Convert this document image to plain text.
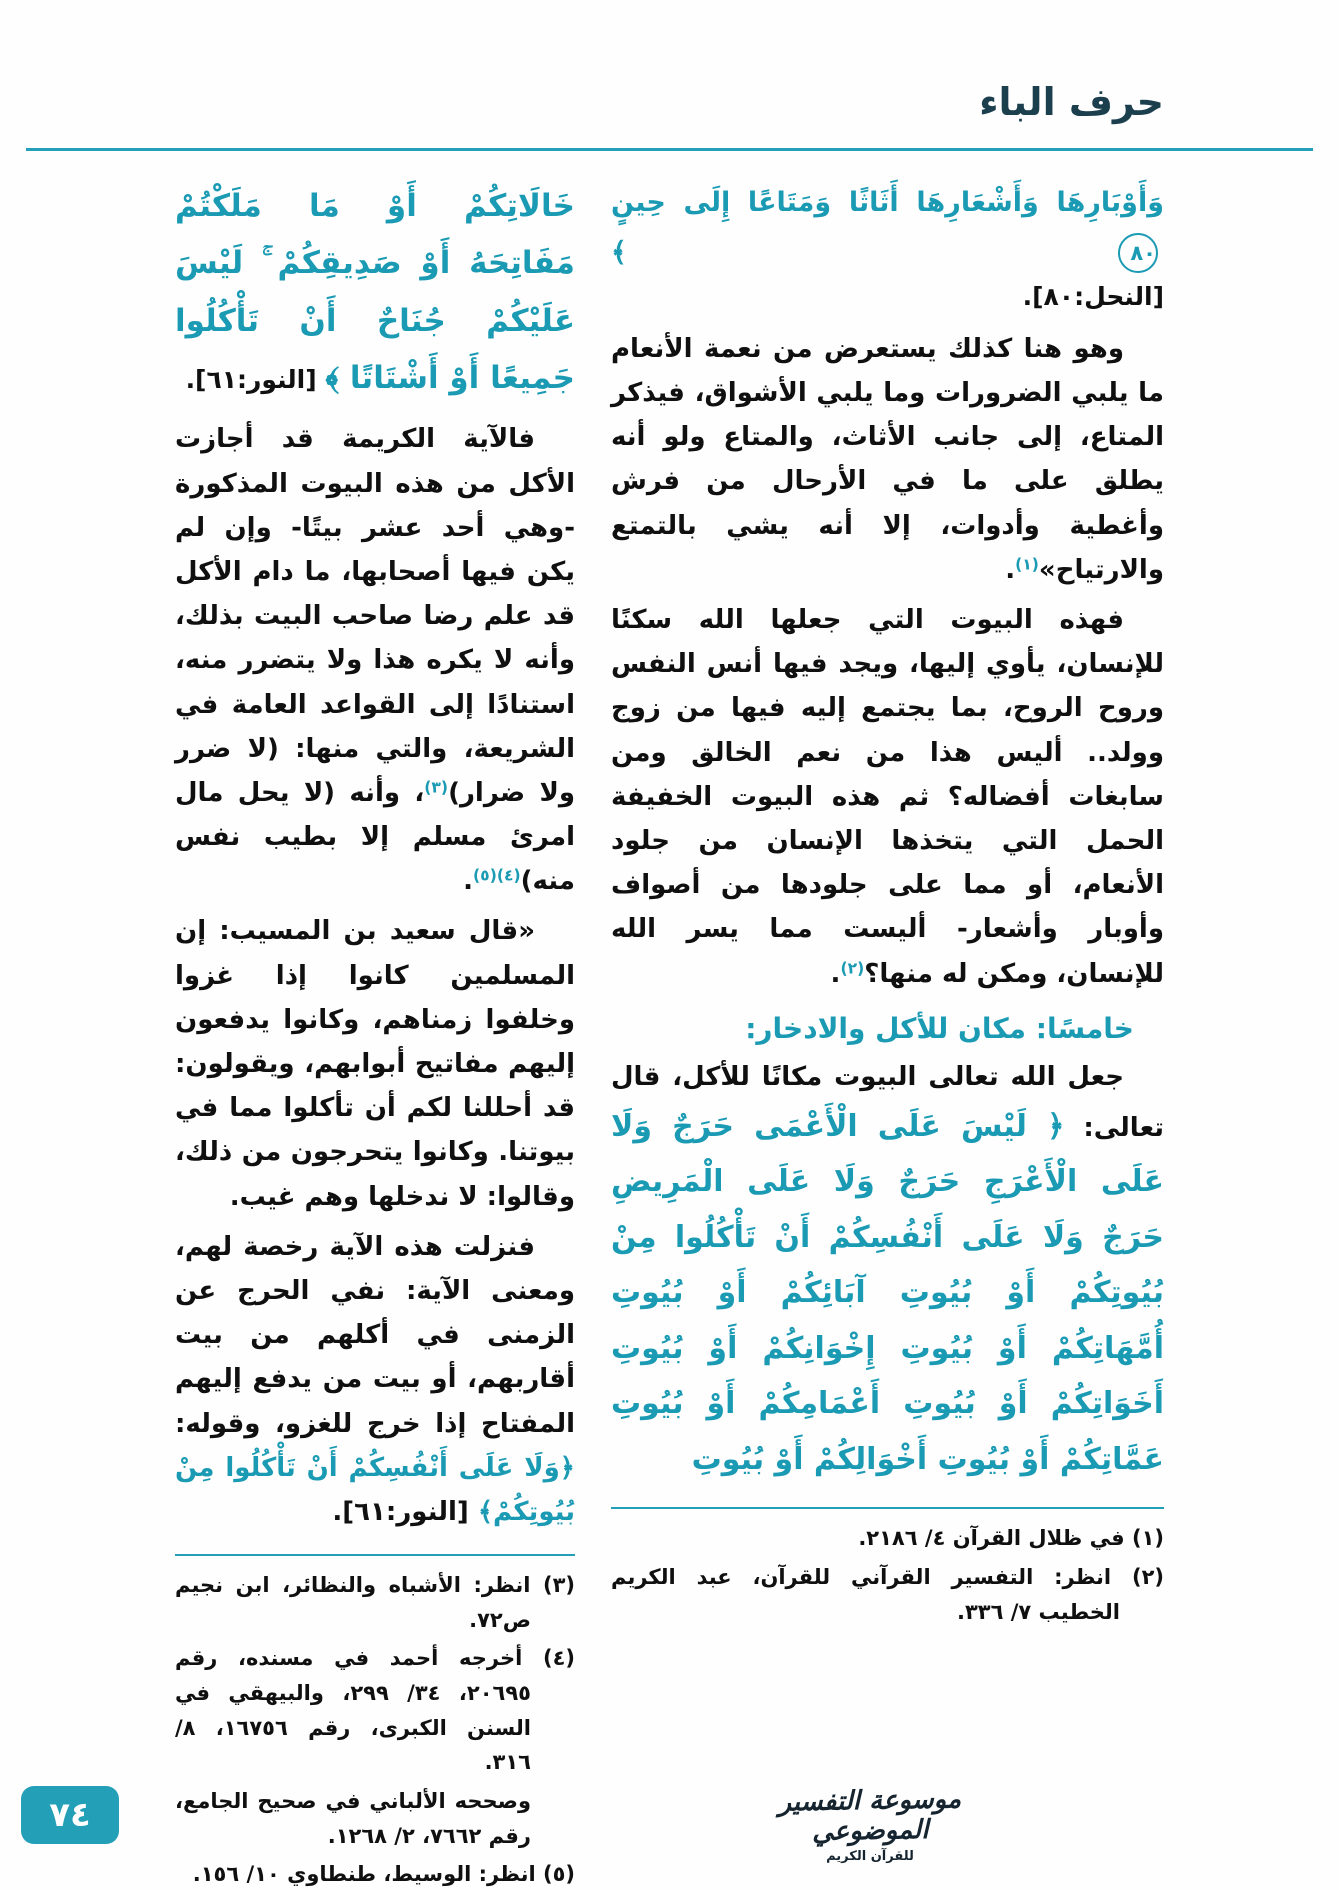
حرف الباء

وَأَوْبَارِهَا وَأَشْعَارِهَا أَثَاثًا وَمَتَاعًا إِلَى حِينٍ ٨٠ ﴾

[النحل:٨٠].

وهو هنا كذلك يستعرض من نعمة الأنعام ما يلبي الضرورات وما يلبي الأشواق، فيذكر المتاع، إلى جانب الأثاث، والمتاع ولو أنه يطلق على ما في الأرحال من فرش وأغطية وأدوات، إلا أنه يشي بالتمتع والارتياح»$^{(١)}$.

فهذه البيوت التي جعلها الله سكنًا للإنسان، يأوي إليها، ويجد فيها أنس النفس وروح الروح، بما يجتمع إليه فيها من زوج وولد.. أليس هذا من نعم الخالق ومن سابغات أفضاله؟ ثم هذه البيوت الخفيفة الحمل التي يتخذها الإنسان من جلود الأنعام، أو مما على جلودها من أصواف وأوبار وأشعار- أليست مما يسر الله للإنسان، ومكن له منها؟$^{(٢)}$.

خامسًا: مكان للأكل والادخار:

جعل الله تعالى البيوت مكانًا للأكل، قال تعالى: ﴿ لَيْسَ عَلَى الْأَعْمَى حَرَجٌ وَلَا عَلَى الْأَعْرَجِ حَرَجٌ وَلَا عَلَى الْمَرِيضِ حَرَجٌ وَلَا عَلَى أَنْفُسِكُمْ أَنْ تَأْكُلُوا مِنْ بُيُوتِكُمْ أَوْ بُيُوتِ آبَائِكُمْ أَوْ بُيُوتِ أُمَّهَاتِكُمْ أَوْ بُيُوتِ إِخْوَانِكُمْ أَوْ بُيُوتِ أَخَوَاتِكُمْ أَوْ بُيُوتِ أَعْمَامِكُمْ أَوْ بُيُوتِ عَمَّاتِكُمْ أَوْ بُيُوتِ أَخْوَالِكُمْ أَوْ بُيُوتِ

(١) في ظلال القرآن ٤/ ٢١٨٦.

(٢) انظر: التفسير القرآني للقرآن، عبد الكريم الخطيب ٧/ ٣٣٦.

خَالَاتِكُمْ أَوْ مَا مَلَكْتُمْ مَفَاتِحَهُ أَوْ صَدِيقِكُمْ ۚ لَيْسَ عَلَيْكُمْ جُنَاحٌ أَنْ تَأْكُلُوا جَمِيعًا أَوْ أَشْتَاتًا ﴾ [النور:٦١].

فالآية الكريمة قد أجازت الأكل من هذه البيوت المذكورة -وهي أحد عشر بيتًا- وإن لم يكن فيها أصحابها، ما دام الأكل قد علم رضا صاحب البيت بذلك، وأنه لا يكره هذا ولا يتضرر منه، استنادًا إلى القواعد العامة في الشريعة، والتي منها: (لا ضرر ولا ضرار)$^{(٣)}$، وأنه (لا يحل مال امرئ مسلم إلا بطيب نفس منه)$^{(٤)(٥)}$.

«قال سعيد بن المسيب: إن المسلمين كانوا إذا غزوا وخلفوا زمناهم، وكانوا يدفعون إليهم مفاتيح أبوابهم، ويقولون: قد أحللنا لكم أن تأكلوا مما في بيوتنا. وكانوا يتحرجون من ذلك، وقالوا: لا ندخلها وهم غيب.

فنزلت هذه الآية رخصة لهم، ومعنى الآية: نفي الحرج عن الزمنى في أكلهم من بيت أقاربهم، أو بيت من يدفع إليهم المفتاح إذا خرج للغزو، وقوله: ﴿وَلَا عَلَى أَنْفُسِكُمْ أَنْ تَأْكُلُوا مِنْ بُيُوتِكُمْ﴾ [النور:٦١].

(٣) انظر: الأشباه والنظائر، ابن نجيم ص٧٢.

(٤) أخرجه أحمد في مسنده، رقم ٢٠٦٩٥، ٣٤/ ٢٩٩، والبيهقي في السنن الكبرى، رقم ١٦٧٥٦، ٨/ ٣١٦.

وصححه الألباني في صحيح الجامع، رقم ٧٦٦٢، ٢/ ١٢٦٨.

(٥) انظر: الوسيط، طنطاوي ١٠/ ١٥٦.

موسوعة التفسير الموضوعي
للقرآن الكريم
٧٤
